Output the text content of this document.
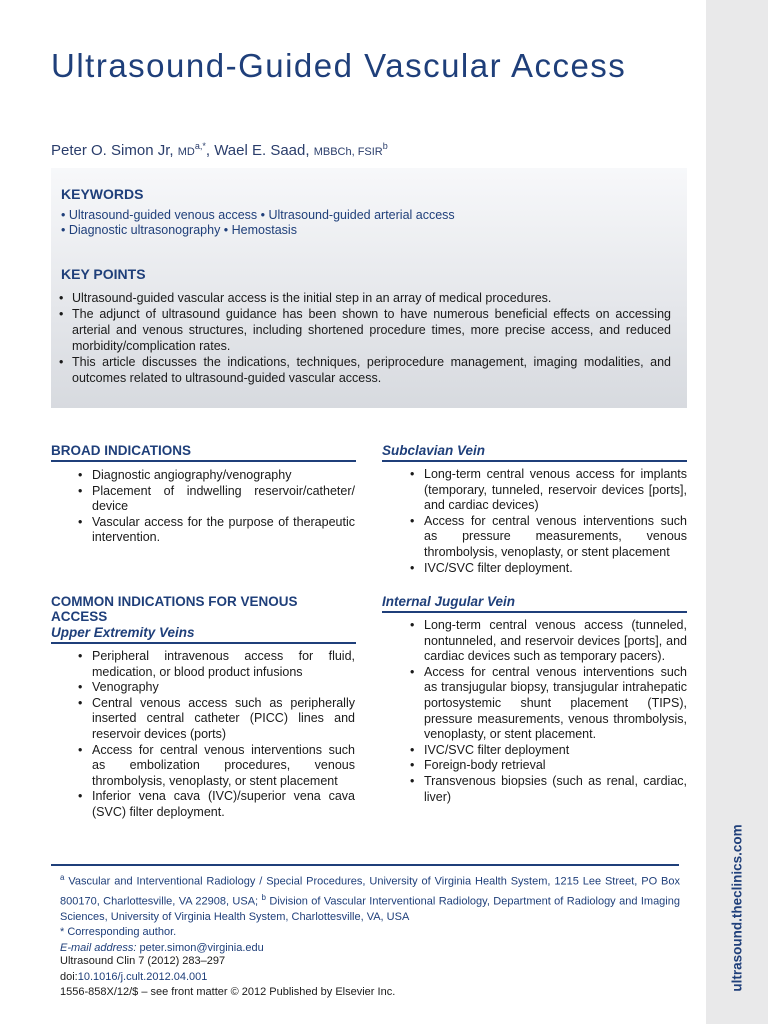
ultrasound.theclinics.com
Ultrasound-Guided Vascular Access
Peter O. Simon Jr, $MD^{a,*}$, Wael E. Saad, MBBCh, FSIR$^b$
KEYWORDS
• Ultrasound-guided venous access • Ultrasound-guided arterial access
• Diagnostic ultrasonography • Hemostasis
KEY POINTS
• Ultrasound-guided vascular access is the initial step in an array of medical procedures.
• The adjunct of ultrasound guidance has been shown to have numerous beneficial effects on accessing arterial and venous structures, including shortened procedure times, more precise access, and reduced morbidity/complication rates.
• This article discusses the indications, techniques, periprocedure management, imaging modalities, and outcomes related to ultrasound-guided vascular access.
BROAD INDICATIONS
• Diagnostic angiography/venography
• Placement of indwelling reservoir/catheter/ device
• Vascular access for the purpose of therapeutic intervention.
COMMON INDICATIONS FOR VENOUS ACCESS
Upper Extremity Veins
• Peripheral intravenous access for fluid, medication, or blood product infusions
• Venography
• Central venous access such as peripherally inserted central catheter (PICC) lines and reservoir devices (ports)
• Access for central venous interventions such as embolization procedures, venous thrombolysis, venoplasty, or stent placement
• Inferior vena cava (IVC)/superior vena cava (SVC) filter deployment.
Subclavian Vein
• Long-term central venous access for implants (temporary, tunneled, reservoir devices [ports], and cardiac devices)
• Access for central venous interventions such as pressure measurements, venous thrombolysis, venoplasty, or stent placement
• IVC/SVC filter deployment.
Internal Jugular Vein
• Long-term central venous access (tunneled, nontunneled, and reservoir devices [ports], and cardiac devices such as temporary pacers).
• Access for central venous interventions such as transjugular biopsy, transjugular intrahepatic portosystemic shunt placement (TIPS), pressure measurements, venous thrombolysis, venoplasty, or stent placement.
• IVC/SVC filter deployment
• Foreign-body retrieval
• Transvenous biopsies (such as renal, cardiac, liver)

$^a$ Vascular and Interventional Radiology / Special Procedures, University of Virginia Health System, 1215 Lee Street, PO Box 800170, Charlottesville, VA 22908, USA; $^b$ Division of Vascular Interventional Radiology, Department of Radiology and Imaging Sciences, University of Virginia Health System, Charlottesville, VA, USA

* Corresponding author.

E-mail address: peter.simon@virginia.edu

Ultrasound Clin 7 (2012) 283–297

doi:10.1016/j.cult.2012.04.001

1556-858X/12/$ – see front matter © 2012 Published by Elsevier Inc.
